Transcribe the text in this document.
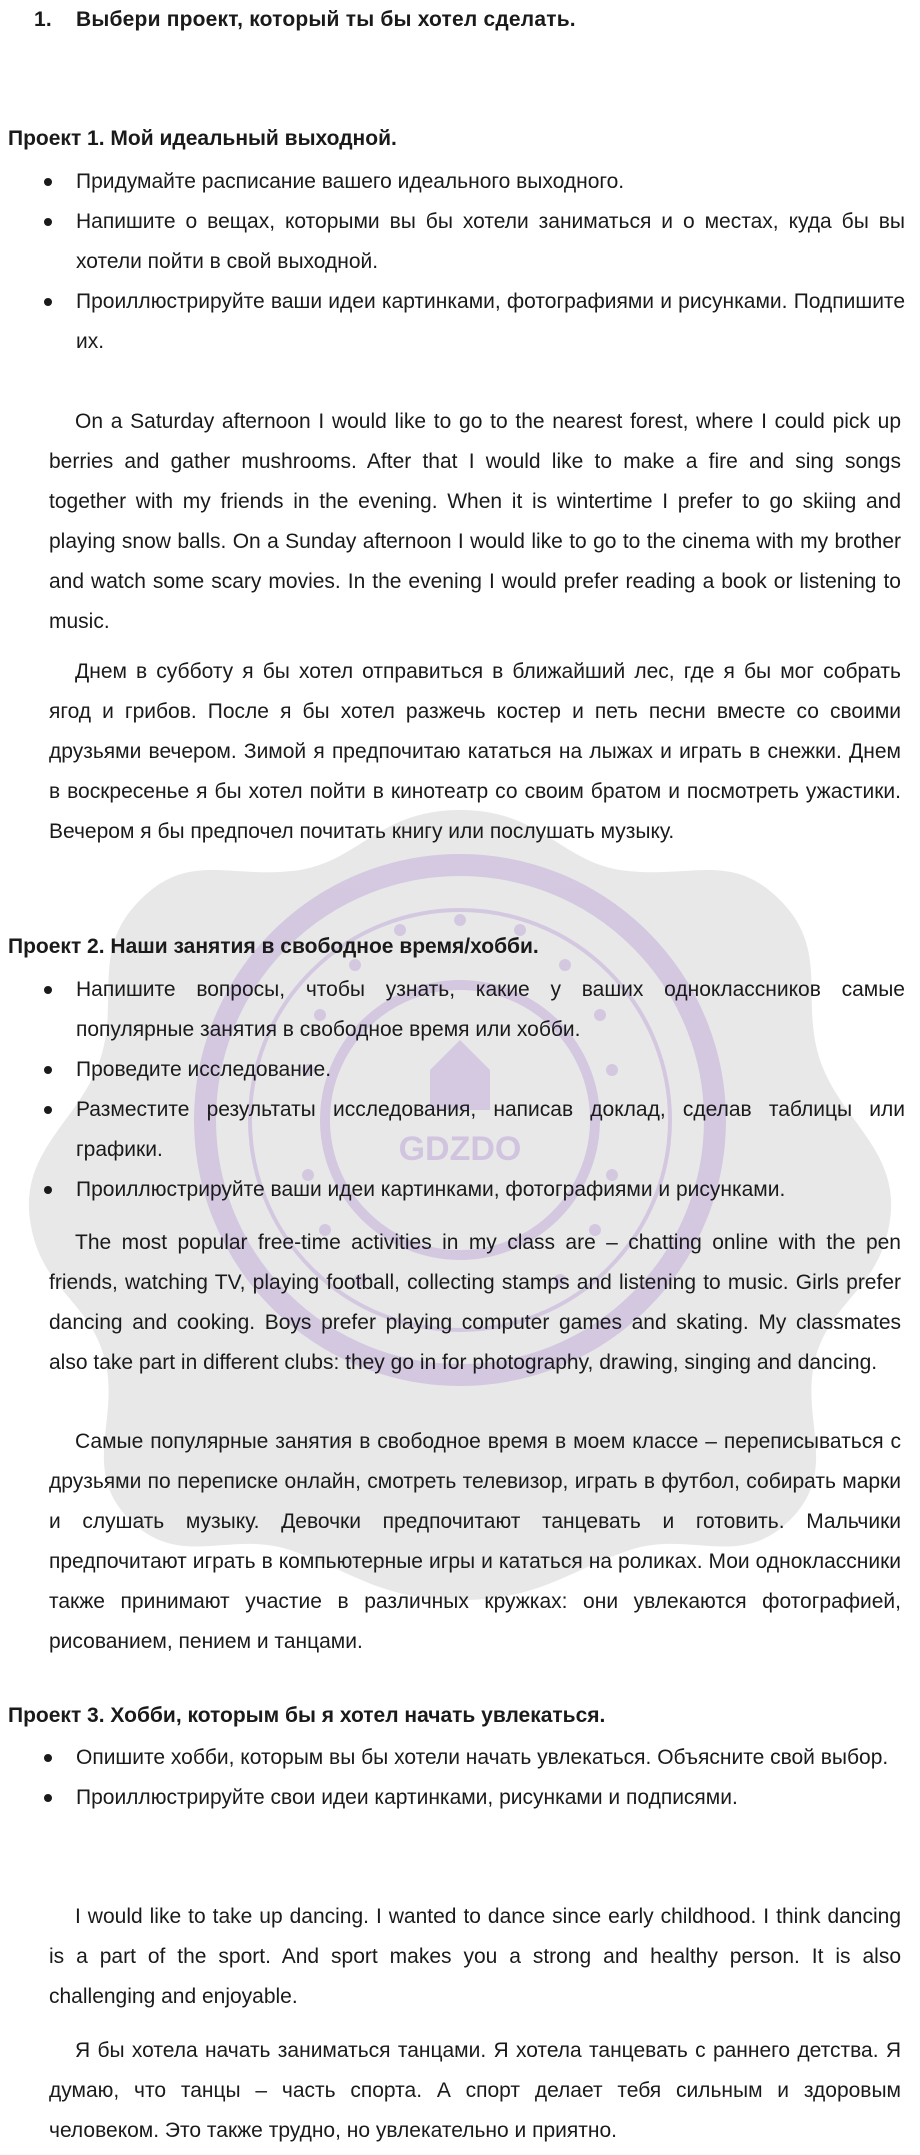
GDZDO
1. Выбери проект, который ты бы хотел сделать.
Проект 1. Мой идеальный выходной.
Придумайте расписание вашего идеального выходного.
Напишите о вещах, которыми вы бы хотели заниматься и о местах, куда бы вы хотели пойти в свой выходной.
Проиллюстрируйте ваши идеи картинками, фотографиями и рисунками. Подпишите их.

On a Saturday afternoon I would like to go to the nearest forest, where I could pick up berries and gather mushrooms. After that I would like to make a fire and sing songs together with my friends in the evening. When it is wintertime I prefer to go skiing and playing snow balls. On a Sunday afternoon I would like to go to the cinema with my brother and watch some scary movies. In the evening I would prefer reading a book or listening to music.

Днем в субботу я бы хотел отправиться в ближайший лес, где я бы мог собрать ягод и грибов. После я бы хотел разжечь костер и петь песни вместе со своими друзьями вечером. Зимой я предпочитаю кататься на лыжах и играть в снежки. Днем в воскресенье я бы хотел пойти в кинотеатр со своим братом и посмотреть ужастики. Вечером я бы предпочел почитать книгу или послушать музыку.

Проект 2. Наши занятия в свободное время/хобби.
Напишите вопросы, чтобы узнать, какие у ваших одноклассников самые популярные занятия в свободное время или хобби.
Проведите исследование.
Разместите результаты исследования, написав доклад, сделав таблицы или графики.
Проиллюстрируйте ваши идеи картинками, фотографиями и рисунками.

The most popular free-time activities in my class are – chatting online with the pen friends, watching TV, playing football, collecting stamps and listening to music. Girls prefer dancing and cooking. Boys prefer playing computer games and skating. My classmates also take part in different clubs: they go in for photography, drawing, singing and dancing.

Самые популярные занятия в свободное время в моем классе – переписываться с друзьями по переписке онлайн, смотреть телевизор, играть в футбол, собирать марки и слушать музыку. Девочки предпочитают танцевать и готовить. Мальчики предпочитают играть в компьютерные игры и кататься на роликах. Мои одноклассники также принимают участие в различных кружках: они увлекаются фотографией, рисованием, пением и танцами.

Проект 3. Хобби, которым бы я хотел начать увлекаться.
Опишите хобби, которым вы бы хотели начать увлекаться. Объясните свой выбор.
Проиллюстрируйте свои идеи картинками, рисунками и подписями.

I would like to take up dancing. I wanted to dance since early childhood. I think dancing is a part of the sport. And sport makes you a strong and healthy person. It is also challenging and enjoyable.

Я бы хотела начать заниматься танцами. Я хотела танцевать с раннего детства. Я думаю, что танцы – часть спорта. А спорт делает тебя сильным и здоровым человеком. Это также трудно, но увлекательно и приятно.
